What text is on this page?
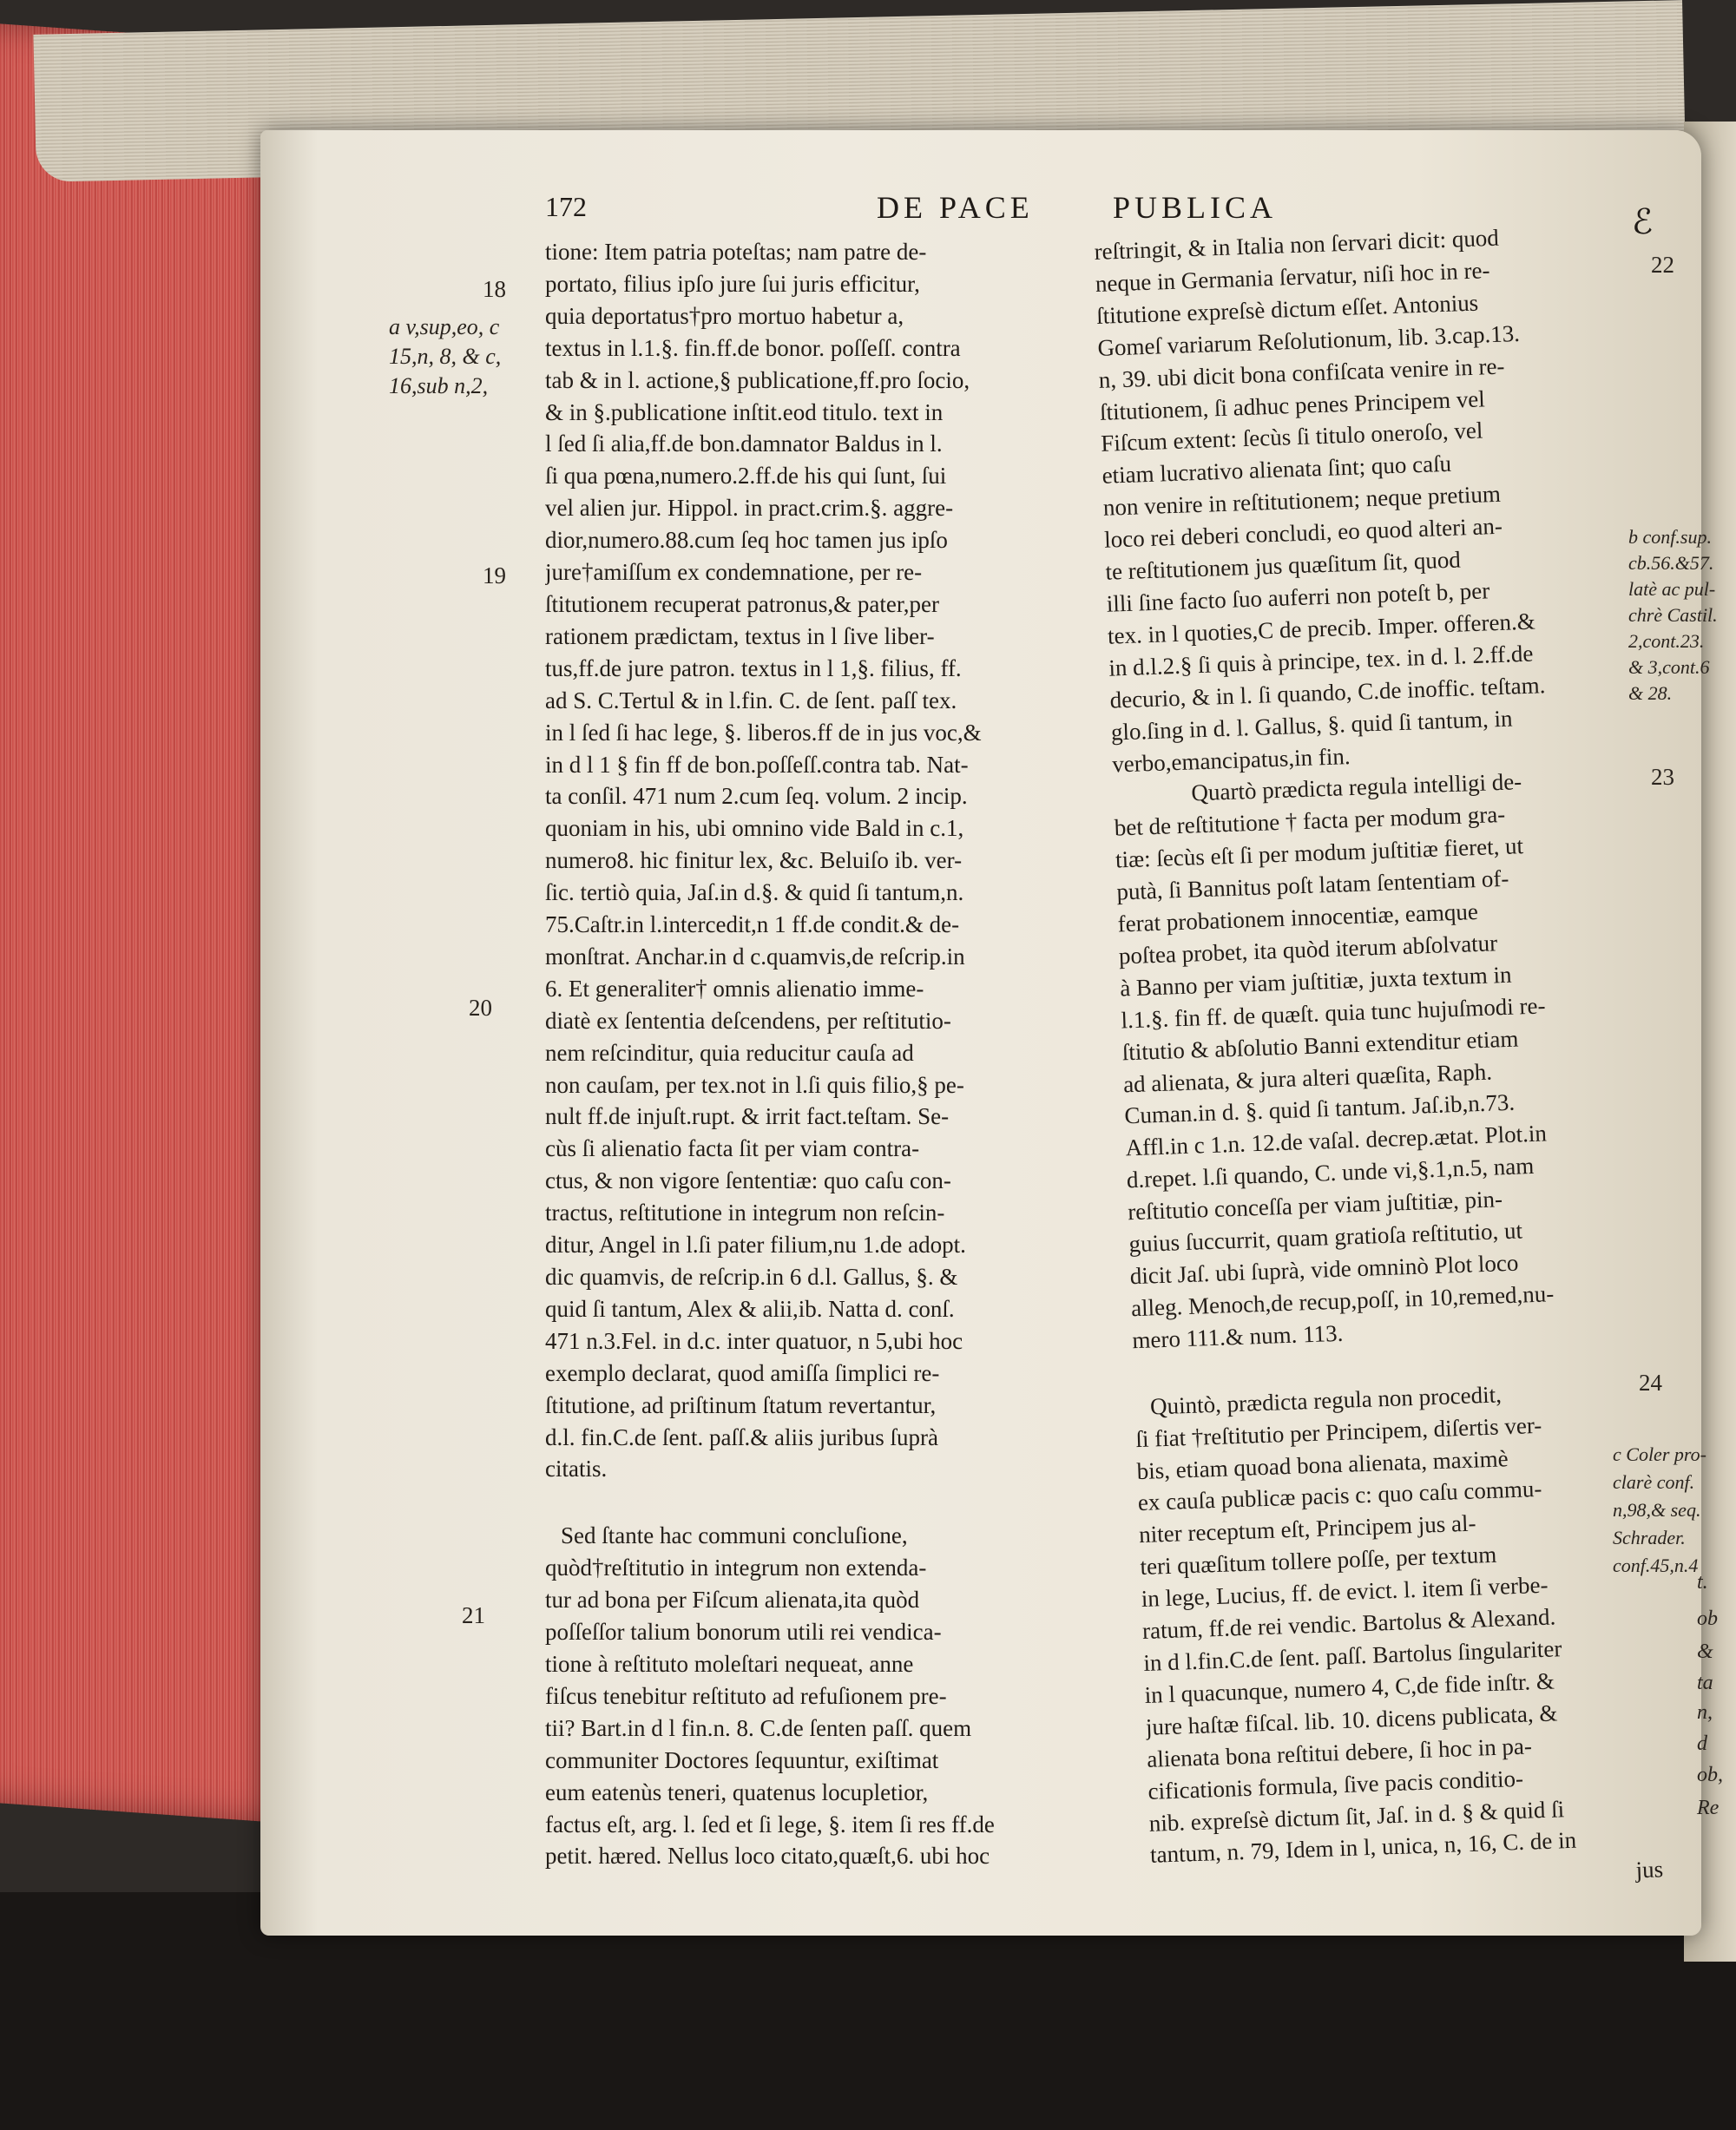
172	DE PACE	PUBLICA	ℰ
18
a v,sup,eo, c
15,n, 8, & c,
16,sub n,2,
19
20
21

tione: Item patria poteſtas; nam patre de-
portato, filius ipſo jure ſui juris efficitur,
quia deportatus†pro mortuo habetur a,
textus in l.1.§. fin.ff.de bonor. poſſeſſ. contra
tab & in l. actione,§ publicatione,ff.pro ſocio,
& in §.publicatione inſtit.eod titulo. text in
l ſed ſi alia,ff.de bon.damnator Baldus in l.
ſi qua pœna,numero.2.ff.de his qui ſunt, ſui
vel alien jur. Hippol. in pract.crim.§. aggre-
dior,numero.88.cum ſeq hoc tamen jus ipſo
jure†amiſſum ex condemnatione, per re-
ſtitutionem recuperat patronus,& pater,per
rationem prædictam, textus in l ſive liber-
tus,ff.de jure patron. textus in l 1,§. filius, ff.
ad S. C.Tertul & in l.fin. C. de ſent. paſſ tex.
in l ſed ſi hac lege, §. liberos.ff de in jus voc,&
in d l 1 § fin ff de bon.poſſeſſ.contra tab. Nat-
ta conſil. 471 num 2.cum ſeq. volum. 2 incip.
quoniam in his, ubi omnino vide Bald in c.1,
numero8. hic finitur lex, &c. Beluiſo ib. ver-
ſic. tertiò quia, Jaſ.in d.§. & quid ſi tantum,n.
75.Caſtr.in l.intercedit,n 1 ff.de condit.& de-
monſtrat. Anchar.in d c.quamvis,de reſcrip.in
6. Et generaliter† omnis alienatio imme-
diatè ex ſententia deſcendens, per reſtitutio-
nem reſcinditur, quia reducitur cauſa ad
non cauſam, per tex.not in l.ſi quis filio,§ pe-
nult ff.de injuſt.rupt. & irrit fact.teſtam. Se-
cùs ſi alienatio facta ſit per viam contra-
ctus, & non vigore ſententiæ: quo caſu con-
tractus, reſtitutione in integrum non reſcin-
ditur, Angel in l.ſi pater filium,nu 1.de adopt.
dic quamvis, de reſcrip.in 6 d.l. Gallus, §. &
quid ſi tantum, Alex & alii,ib. Natta d. conſ.
471 n.3.Fel. in d.c. inter quatuor, n 5,ubi hoc
exemplo declarat, quod amiſſa ſimplici re-
ſtitutione, ad priſtinum ſtatum revertantur,
d.l. fin.C.de ſent. paſſ.& aliis juribus ſuprà
citatis.

Sed ſtante hac communi concluſione,
quòd†reſtitutio in integrum non extenda-
tur ad bona per Fiſcum alienata,ita quòd
poſſeſſor talium bonorum utili rei vendica-
tione à reſtituto moleſtari nequeat, anne
fiſcus tenebitur reſtituto ad refuſionem pre-
tii? Bart.in d l fin.n. 8. C.de ſenten paſſ. quem
communiter Doctores ſequuntur, exiſtimat
eum eatenùs teneri, quatenus locupletior,
factus eſt, arg. l. ſed et ſi lege, §. item ſi res ff.de
petit. hæred. Nellus loco citato,quæſt,6. ubi hoc

reſtringit, & in Italia non ſervari dicit: quod
neque in Germania ſervatur, niſi hoc in re-
ſtitutione expreſsè dictum eſſet. Antonius
Gomeſ variarum Reſolutionum, lib. 3.cap.13.
n, 39. ubi dicit bona confiſcata venire in re-
ſtitutionem, ſi adhuc penes Principem vel
Fiſcum extent: ſecùs ſi titulo oneroſo, vel
etiam lucrativo alienata ſint; quo caſu
non venire in reſtitutionem; neque pretium
loco rei deberi concludi, eo quod alteri an-
te reſtitutionem jus quæſitum ſit, quod
illi ſine facto ſuo auferri non poteſt b, per
tex. in l quoties,C de precib. Imper. offeren.&
in d.l.2.§ ſi quis à principe, tex. in d. l. 2.ff.de
decurio, & in l. ſi quando, C.de inoffic. teſtam.
glo.ſing in d. l. Gallus, §. quid ſi tantum, in
verbo,emancipatus,in fin.

Quartò prædicta regula intelligi de-
bet de reſtitutione † facta per modum gra-
tiæ: ſecùs eſt ſi per modum juſtitiæ fieret, ut
putà, ſi Bannitus poſt latam ſententiam of-
ferat probationem innocentiæ, eamque
poſtea probet, ita quòd iterum abſolvatur
à Banno per viam juſtitiæ, juxta textum in
l.1.§. fin ff. de quæſt. quia tunc hujuſmodi re-
ſtitutio & abſolutio Banni extenditur etiam
ad alienata, & jura alteri quæſita, Raph.
Cuman.in d. §. quid ſi tantum. Jaſ.ib,n.73.
Affl.in c 1.n. 12.de vaſal. decrep.ætat. Plot.in
d.repet. l.ſi quando, C. unde vi,§.1,n.5, nam
reſtitutio conceſſa per viam juſtitiæ, pin-
guius ſuccurrit, quam gratioſa reſtitutio, ut
dicit Jaſ. ubi ſuprà, vide omninò Plot loco
alleg. Menoch,de recup,poſſ, in 10,remed,nu-
mero 111.& num. 113.

Quintò, prædicta regula non procedit,
ſi fiat †reſtitutio per Principem, diſertis ver-
bis, etiam quoad bona alienata, maximè
ex cauſa publicæ pacis c: quo caſu commu-
niter receptum eſt, Principem jus al-
teri quæſitum tollere poſſe, per textum
in lege, Lucius, ff. de evict. l. item ſi verbe-
ratum, ff.de rei vendic. Bartolus & Alexand.
in d l.fin.C.de ſent. paſſ. Bartolus ſingulariter
in l quacunque, numero 4, C,de fide inſtr. &
jure haſtæ fiſcal. lib. 10. dicens publicata, &
alienata bona reſtitui debere, ſi hoc in pa-
cificationis formula, ſive pacis conditio-
nib. expreſsè dictum ſit, Jaſ. in d. § & quid ſi
tantum, n. 79, Idem in l, unica, n, 16, C. de in
jus

22
b conf.sup.
cb.56.&57.
latè ac pul-
chrè Castil.
2,cont.23.
& 3,cont.6
& 28.
23
24
c Coler pro-
clarè conf.
n,98,& seq.
Schrader.
conf.45,n.4
t.
ob
&
ta
n,
d
ob,
Re
